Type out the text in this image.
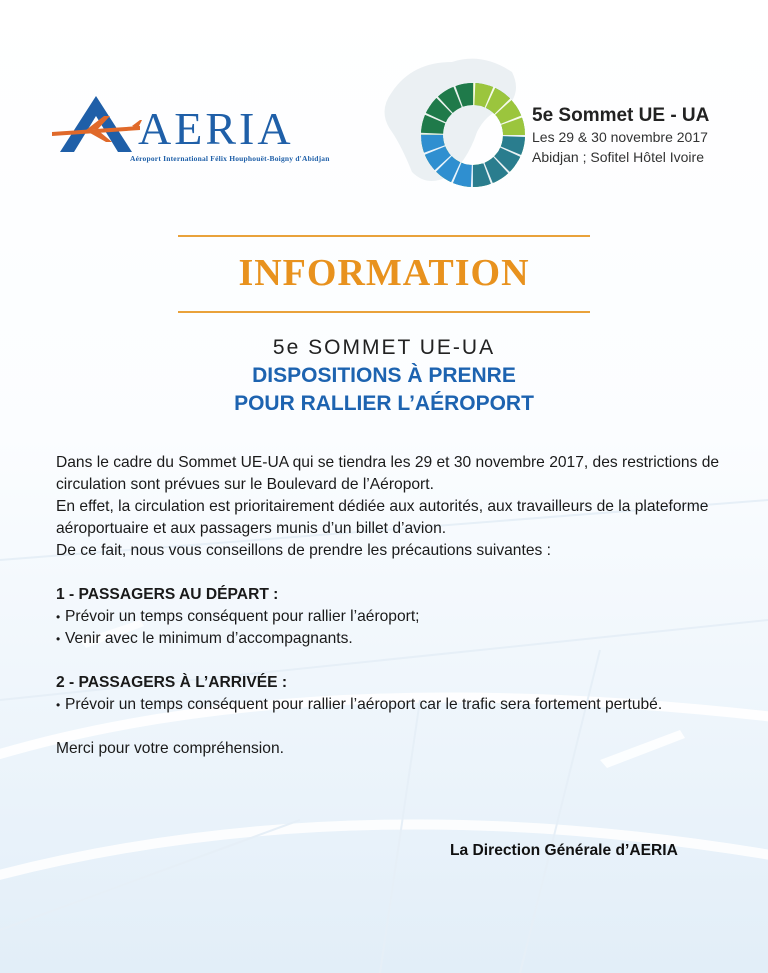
AERIA
Aéroport International Félix Houphouët-Boigny d'Abidjan
5e Sommet UE - UA
Les 29 & 30 novembre 2017
Abidjan ; Sofitel Hôtel Ivoire
INFORMATION
5e SOMMET UE-UA
DISPOSITIONS À PRENRE
POUR RALLIER L’AÉROPORT

Dans le cadre du Sommet UE-UA qui se tiendra les 29 et 30 novembre 2017, des restrictions de circulation sont prévues sur le Boulevard de l’Aéroport.

En effet, la circulation est prioritairement dédiée aux autorités, aux travailleurs de la plateforme aéroportuaire et aux passagers munis d’un billet d’avion.

De ce fait, nous vous conseillons de prendre les précautions suivantes :

1 - PASSAGERS AU DÉPART :

• Prévoir un temps conséquent pour rallier l’aéroport;

• Venir avec le minimum d’accompagnants.

2 - PASSAGERS À L’ARRIVÉE :

• Prévoir un temps conséquent pour rallier l’aéroport car le trafic sera fortement pertubé.

Merci pour votre compréhension.

La Direction Générale d’AERIA
